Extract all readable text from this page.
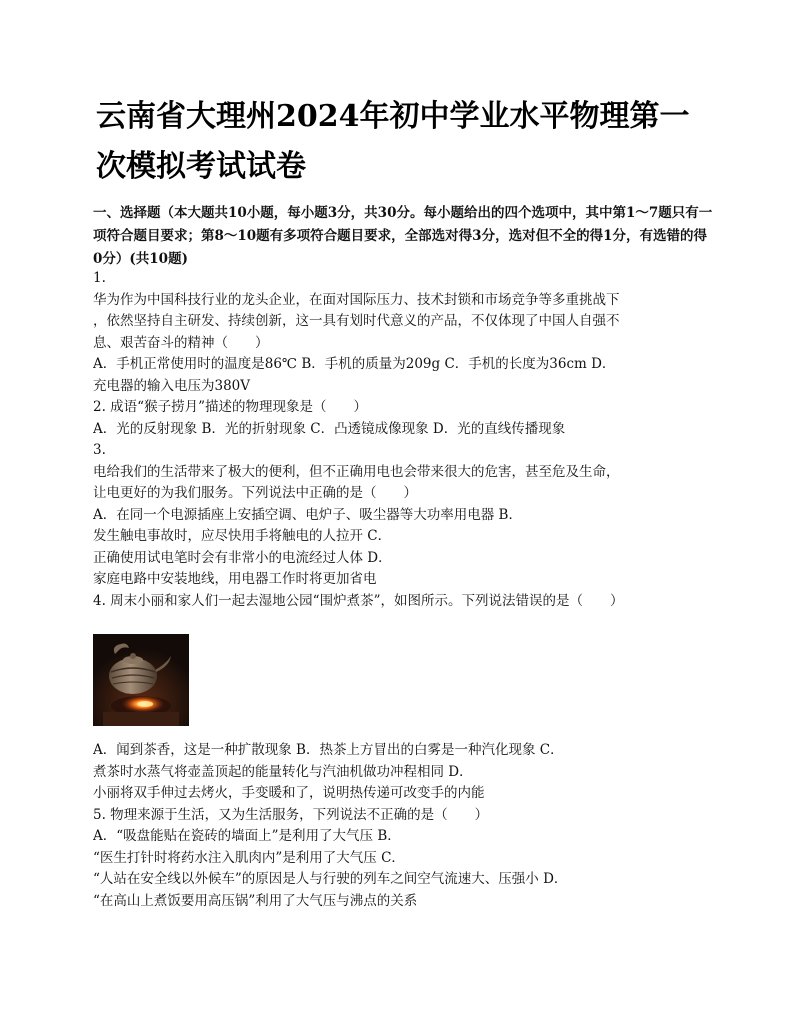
云南省大理州2024年初中学业水平物理第一次模拟考试试卷
一、选择题（本大题共10小题，每小题3分，共30分。每小题给出的四个选项中，其中第1～7题只有一项符合题目要求；第8～10题有多项符合题目要求，全部选对得3分，选对但不全的得1分，有选错的得0分）(共10题)

1.

华为作为中国科技行业的龙头企业，在面对国际压力、技术封锁和市场竞争等多重挑战下

，依然坚持自主研发、持续创新，这一具有划时代意义的产品，不仅体现了中国人自强不

息、艰苦奋斗的精神（　　）

A．手机正常使用时的温度是86℃ B．手机的质量为209g C．手机的长度为36cm D．

充电器的输入电压为380V

2. 成语“猴子捞月”描述的物理现象是（　　）

A．光的反射现象 B．光的折射现象 C．凸透镜成像现象 D．光的直线传播现象

3.

电给我们的生活带来了极大的便利，但不正确用电也会带来很大的危害，甚至危及生命，

让电更好的为我们服务。下列说法中正确的是（　　）

A．在同一个电源插座上安插空调、电炉子、吸尘器等大功率用电器 B．

发生触电事故时，应尽快用手将触电的人拉开 C．

正确使用试电笔时会有非常小的电流经过人体 D．

家庭电路中安装地线，用电器工作时将更加省电

4. 周末小丽和家人们一起去湿地公园“围炉煮茶”，如图所示。下列说法错误的是（　　）

A．闻到茶香，这是一种扩散现象 B．热茶上方冒出的白雾是一种汽化现象 C．

煮茶时水蒸气将壶盖顶起的能量转化与汽油机做功冲程相同 D．

小丽将双手伸过去烤火，手变暖和了，说明热传递可改变手的内能

5. 物理来源于生活，又为生活服务，下列说法不正确的是（　　）

A．“吸盘能贴在瓷砖的墙面上”是利用了大气压 B．

“医生打针时将药水注入肌肉内”是利用了大气压 C．

“人站在安全线以外候车”的原因是人与行驶的列车之间空气流速大、压强小 D．

“在高山上煮饭要用高压锅”利用了大气压与沸点的关系
